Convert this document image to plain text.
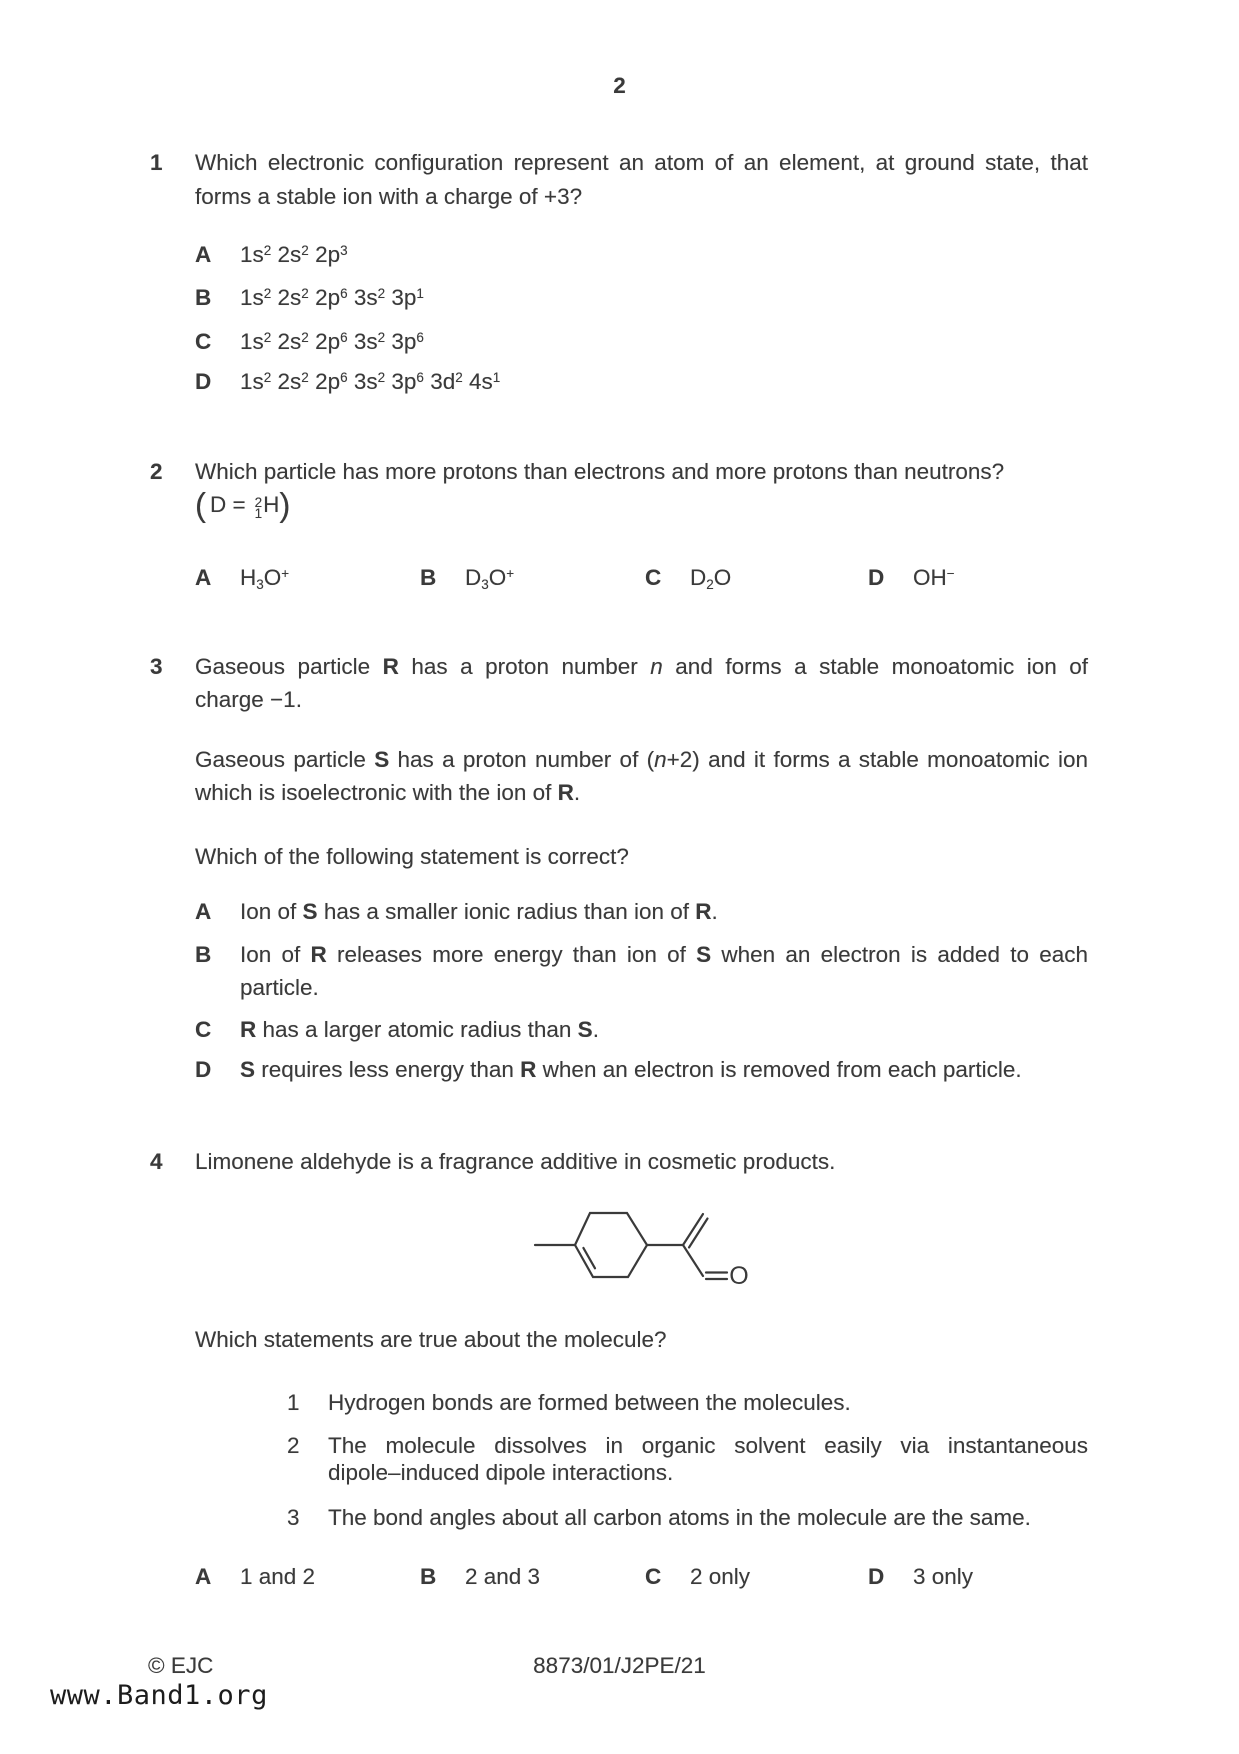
2
1 Which electronic configuration represent an atom of an element, at ground state, that
forms a stable ion with a charge of +3?
A $1s^2$ $2s^2$ $2p^3$
B $1s^2$ $2s^2$ $2p^6$ $3s^2$ $3p^1$
C $1s^2$ $2s^2$ $2p^6$ $3s^2$ $3p^6$
D $1s^2$ $2s^2$ $2p^6$ $3s^2$ $3p^6$ $3d^2$ $4s^1$
2 Which particle has more protons than electrons and more protons than neutrons?
( D = 2
1 H)
A $H_3O^+$	B $D_3O^+$	C $D_2O$	D OH−
3 Gaseous particle R has a proton number n and forms a stable monoatomic ion of
charge −1.
Gaseous particle S has a proton number of (n+2) and it forms a stable monoatomic ion
which is isoelectronic with the ion of R.
Which of the following statement is correct?
A Ion of S has a smaller ionic radius than ion of R.
B Ion of R releases more energy than ion of S when an electron is added to each
particle.
C R has a larger atomic radius than S.
D S requires less energy than R when an electron is removed from each particle.
4 Limonene aldehyde is a fragrance additive in cosmetic products.
O
Which statements are true about the molecule?
1 Hydrogen bonds are formed between the molecules.
2 The molecule dissolves in organic solvent easily via instantaneous
dipole–induced dipole interactions.
3 The bond angles about all carbon atoms in the molecule are the same.
A 1 and 2	B 2 and 3	C 2 only	D 3 only
© EJC	8873/01/J2PE/21
www.Band1.org
